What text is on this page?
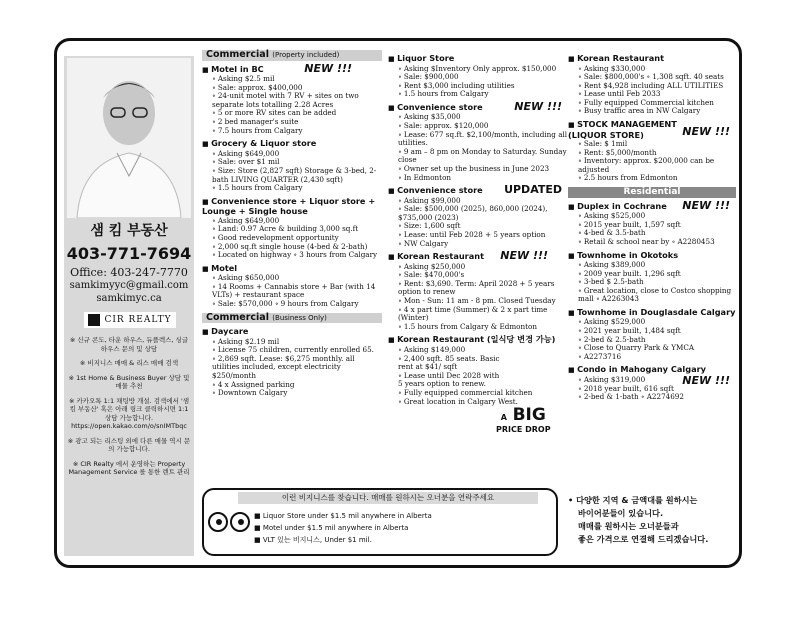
샘 킴 부동산
403-771-7694
Office: 403-247-7770
samkimyyc@gmail.com
samkimyc.ca
CIR REALTY

※ 신규 콘도, 타운 하우스, 듀플렉스, 싱글 하우스 문의 및 상담

※ 비지니스 매매 & 리스 매매 검색

※ 1st Home & Business Buyer 상담 및 매물 추천

※ 카카오톡 1:1 채팅방 개설. 검색에서 '샘 킴 부동산' 혹은 아래 링크 클릭하시면 1:1 상담 가능합니다. https://open.kakao.com/o/snIMTbqc

※ 광고 되는 리스팅 외에 다른 매물 역시 문의 가능합니다.

※ CIR Realty 에서 운영하는 Property Management Service 를 통한 렌트 관리

Commercial (Property included)
■ Motel in BC	NEW !!!
∘ Asking $2.5 mil
∘ Sale: approx. $400,000
∘ 24-unit motel with 7 RV + sites on two separate lots totalling 2.28 Acres
∘ 5 or more RV sites can be added
∘ 2 bed manager's suite
∘ 7.5 hours from Calgary
■ Grocery & Liquor store
∘ Asking $649,000
∘ Sale: over $1 mil
∘ Size: Store (2,827 sqft) Storage & 3-bed, 2-bath LIVING QUARTER (2,430 sqft)
∘ 1.5 hours from Calgary
■ Convenience store + Liquor store + Lounge + Single house
∘ Asking $649,000
∘ Land: 0.97 Acre & building 3,000 sq.ft
∘ Good redevelopment opportunity
∘ 2,000 sq.ft single house (4-bed & 2-bath)
∘ Located on highway ∘ 3 hours from Calgary
■ Motel
∘ Asking $650,000
∘ 14 Rooms + Cannabis store + Bar (with 14 VLTs) + restaurant space
∘ Sale: $570,000 ∘ 9 hours from Calgary
Commercial (Business Only)
■ Daycare
∘ Asking $2.19 mil
∘ License 75 children, currently enrolled 65.
∘ 2,869 sqft. Lease: $6,275 monthly. all utilities included, except electricity $250/month
∘ 4 x Assigned parking
∘ Downtown Calgary
■ Liquor Store
∘ Asking $Inventory Only approx. $150,000
∘ Sale: $900,000
∘ Rent $3,000 including utilities
∘ 1.5 hours from Calgary
■ Convenience store	NEW !!!
∘ Asking $35,000
∘ Sale: approx. $120,000
∘ Lease: 677 sq.ft. $2,100/month, including all utilities.
∘ 9 am – 8 pm on Monday to Saturday. Sunday close
∘ Owner set up the business in June 2023
∘ In Edmonton
■ Convenience store	UPDATED
∘ Asking $99,000
∘ Sale: $500,000 (2025), 860,000 (2024), $735,000 (2023)
∘ Size: 1,600 sqft
∘ Lease: until Feb 2028 + 5 years option
∘ NW Calgary
■ Korean Restaurant	NEW !!!
∘ Asking $250,000
∘ Sale: $470,000's
∘ Rent: $3,690. Term: April 2028 + 5 years option to renew
∘ Mon - Sun: 11 am - 8 pm. Closed Tuesday
∘ 4 x part time (Summer) & 2 x part time (Winter)
∘ 1.5 hours from Calgary & Edmonton
■ Korean Restaurant (일식당 변경 가능)
∘ Asking $149,000
∘ 2,400 sqft. 85 seats. Basic rent at $41/ sqft
∘ Lease until Dec 2028 with 5 years option to renew.
∘ Fully equipped commercial kitchen
∘ Great location in Calgary West.
A BIG
PRICE DROP
■ Korean Restaurant
∘ Asking $330,000
∘ Sale: $800,000's ∘ 1,308 sqft. 40 seats
∘ Rent $4,928 including ALL UTILITIES
∘ Lease until Feb 2033
∘ Fully equipped Commercial kitchen
∘ Busy traffic area in NW Calgary
■ STOCK MANAGEMENT (LIQUOR STORE)	NEW !!!
∘ Sale: $ 1mil
∘ Rent: $5,000/month
∘ Inventory: approx. $200,000 can be adjusted
∘ 2.5 hours from Edmonton
Residential
■ Duplex in Cochrane	NEW !!!
∘ Asking $525,000
∘ 2015 year built, 1,597 sqft
∘ 4-bed & 3.5-bath
∘ Retail & school near by ∘ A2280453
■ Townhome in Okotoks
∘ Asking $389,000
∘ 2009 year built. 1,296 sqft
∘ 3-bed $ 2.5-bath
∘ Great location, close to Costco shopping mall ∘ A2263043
■ Townhome in Douglasdale Calgary
∘ Asking $529,000
∘ 2021 year built, 1,484 sqft
∘ 2-bed & 2.5-bath
∘ Close to Quarry Park & YMCA
∘ A2273716
■ Condo in Mahogany Calgary
NEW !!!
∘ Asking $319,000
∘ 2018 year built, 616 sqft
∘ 2-bed & 1-bath ∘ A2274692
이런 비지니스를 찾습니다. 매매를 원하시는 오너분을 연락주세요
■ Liquor Store under $1.5 mil anywhere in Alberta
■ Motel under $1.5 mil anywhere in Alberta
■ VLT 있는 비지니스, Under $1 mil.
• 다양한 지역 & 금액대를 원하시는
바이어분들이 있습니다.
매매를 원하시는 오너분들과
좋은 가격으로 연결해 드리겠습니다.
